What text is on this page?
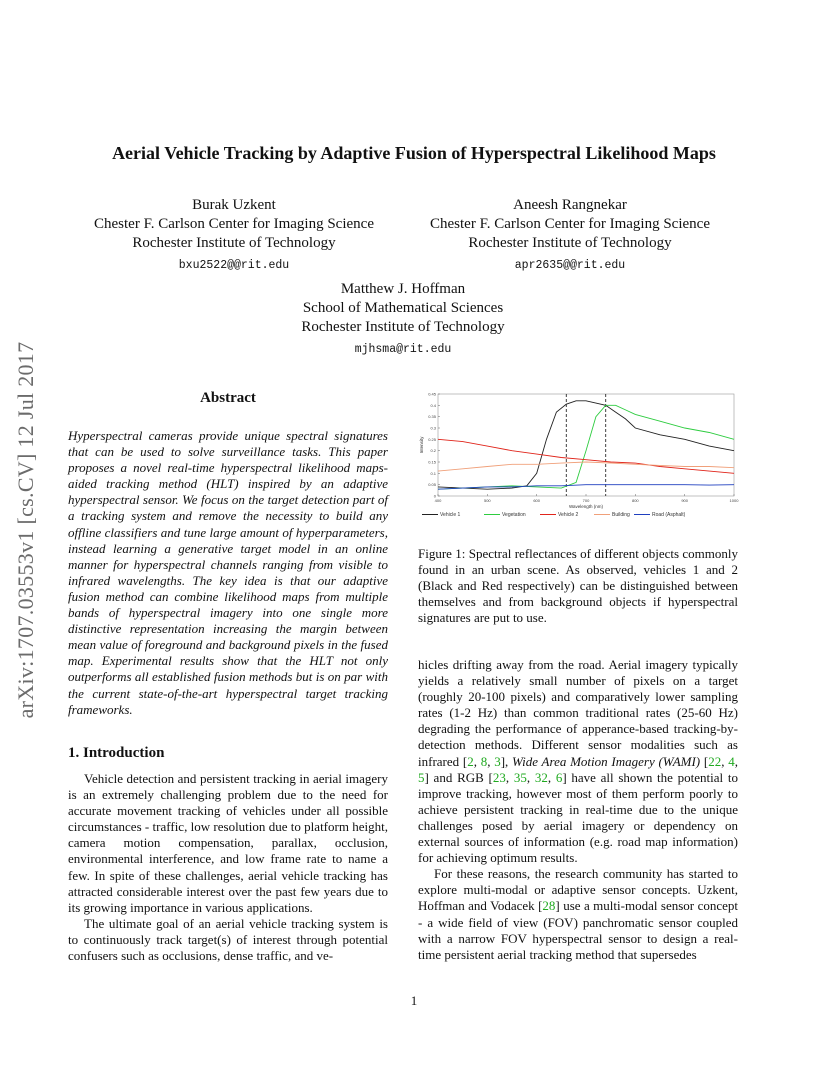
arXiv:1707.03553v1 [cs.CV] 12 Jul 2017
Aerial Vehicle Tracking by Adaptive Fusion of Hyperspectral Likelihood Maps
Burak Uzkent
Chester F. Carlson Center for Imaging Science
Rochester Institute of Technology
bxu2522@@rit.edu
Aneesh Rangnekar
Chester F. Carlson Center for Imaging Science
Rochester Institute of Technology
apr2635@@rit.edu
Matthew J. Hoffman
School of Mathematical Sciences
Rochester Institute of Technology
mjhsma@rit.edu
Abstract
Hyperspectral cameras provide unique spectral signatures that can be used to solve surveillance tasks. This paper proposes a novel real-time hyperspectral likelihood maps-aided tracking method (HLT) inspired by an adaptive hyperspectral sensor. We focus on the target detection part of a tracking system and remove the necessity to build any offline classifiers and tune large amount of hyperparameters, instead learning a generative target model in an online manner for hyperspectral channels ranging from visible to infrared wavelengths. The key idea is that our adaptive fusion method can combine likelihood maps from multiple bands of hyperspectral imagery into one single more distinctive representation increasing the margin between mean value of foreground and background pixels in the fused map. Experimental results show that the HLT not only outperforms all established fusion methods but is on par with the current state-of-the-art hyperspectral target tracking frameworks.
1. Introduction

Vehicle detection and persistent tracking in aerial imagery is an extremely challenging problem due to the need for accurate movement tracking of vehicles under all possible circumstances - traffic, low resolution due to platform height, camera motion compensation, parallax, occlusion, environmental interference, and low frame rate to name a few. In spite of these challenges, aerial vehicle tracking has attracted considerable interest over the past few years due to its growing importance in various applications.

The ultimate goal of an aerial vehicle tracking system is to continuously track target(s) of interest through potential confusers such as occlusions, dense traffic, and ve-

0
0.05
0.1
0.15
0.2
0.25
0.3
0.35
0.4
0.45
400	500	600	700	800	900	1000
Wavelength (nm)
Intensity
Vehicle 1	Vegetation	Vehicle 2	Building	Road (Asphalt)
Figure 1: Spectral reflectances of different objects commonly found in an urban scene. As observed, vehicles 1 and 2 (Black and Red respectively) can be distinguished between themselves and from background objects if hyperspectral signatures are put to use.

hicles drifting away from the road. Aerial imagery typically yields a relatively small number of pixels on a target (roughly 20-100 pixels) and comparatively lower sampling rates (1-2 Hz) than common traditional rates (25-60 Hz) degrading the performance of apperance-based tracking-by-detection methods. Different sensor modalities such as infrared [2, 8, 3], Wide Area Motion Imagery (WAMI) [22, 4, 5] and RGB [23, 35, 32, 6] have all shown the potential to improve tracking, however most of them perform poorly to achieve persistent tracking in real-time due to the unique challenges posed by aerial imagery or dependency on external sources of information (e.g. road map information) for achieving optimum results.

For these reasons, the research community has started to explore multi-modal or adaptive sensor concepts. Uzkent, Hoffman and Vodacek [28] use a multi-modal sensor concept - a wide field of view (FOV) panchromatic sensor coupled with a narrow FOV hyperspectral sensor to design a real-time persistent aerial tracking method that supersedes

1
